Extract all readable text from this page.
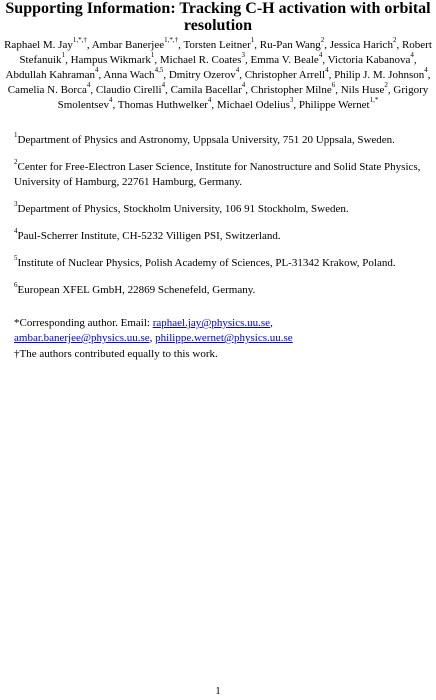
Supporting Information: Tracking C-H activation with orbital resolution

Raphael M. Jay$^{1,*,\dagger}$, Ambar Banerjee$^{1,*,\dagger}$, Torsten Leitner$^1$, Ru-Pan Wang$^2$, Jessica Harich$^2$, Robert Stefanuik$^1$, Hampus Wikmark$^1$, Michael R. Coates$^3$, Emma V. Beale$^4$, Victoria Kabanova$^4$, Abdullah Kahraman$^4$, Anna Wach$^{4,5}$, Dmitry Ozerov$^4$, Christopher Arrell$^4$, Philip J. M. Johnson$^4$, Camelia N. Borca$^4$, Claudio Cirelli$^4$, Camila Bacellar$^4$, Christopher Milne$^6$, Nils Huse$^2$, Grigory Smolentsev$^4$, Thomas Huthwelker$^4$, Michael Odelius$^3$, Philippe Wernet$^{1,*}$

$^1$Department of Physics and Astronomy, Uppsala University, 751 20 Uppsala, Sweden.

$^2$Center for Free-Electron Laser Science, Institute for Nanostructure and Solid State Physics, University of Hamburg, 22761 Hamburg, Germany.

$^3$Department of Physics, Stockholm University, 106 91 Stockholm, Sweden.

$^4$Paul-Scherrer Institute, CH-5232 Villigen PSI, Switzerland.

$^5$Institute of Nuclear Physics, Polish Academy of Sciences, PL-31342 Krakow, Poland.

$^6$European XFEL GmbH, 22869 Schenefeld, Germany.

*Corresponding author. Email: raphael.jay@physics.uu.se,
ambar.banerjee@physics.uu.se, philippe.wernet@physics.uu.se

†The authors contributed equally to this work.

1
